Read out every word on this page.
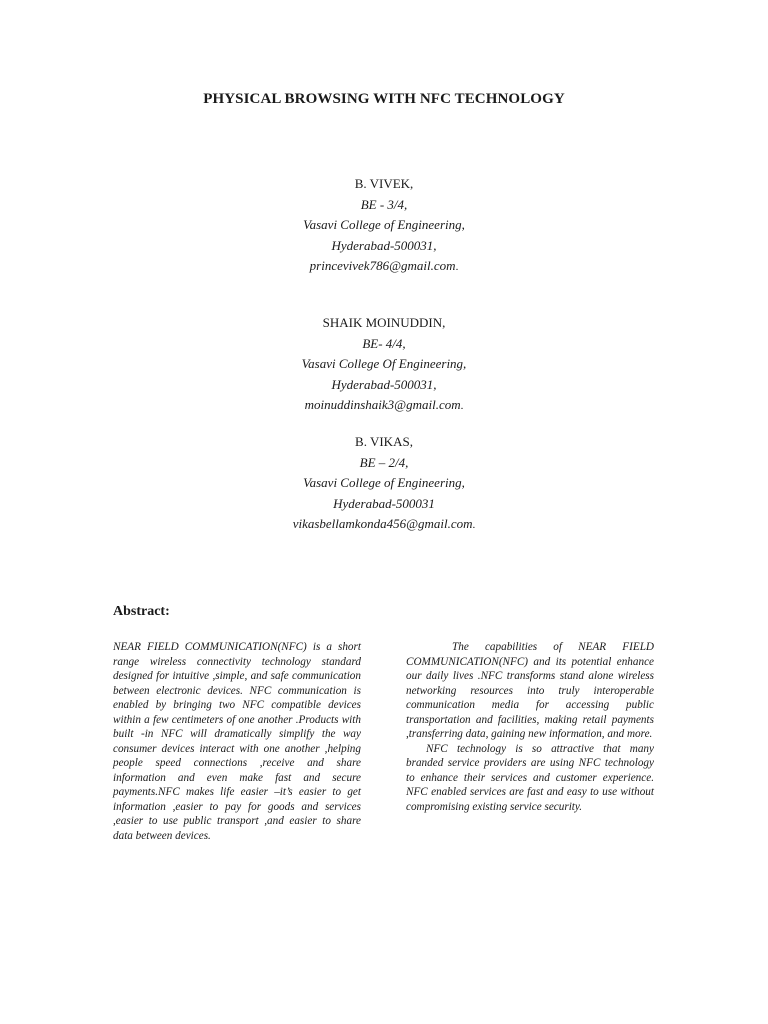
PHYSICAL BROWSING WITH NFC TECHNOLOGY
B. VIVEK,
BE - 3/4,
Vasavi College of Engineering,
Hyderabad-500031,
princevivek786@gmail.com.
SHAIK MOINUDDIN,
BE- 4/4,
Vasavi College Of Engineering,
Hyderabad-500031,
moinuddinshaik3@gmail.com.
B. VIKAS,
BE – 2/4,
Vasavi College of Engineering,
Hyderabad-500031
vikasbellamkonda456@gmail.com.
Abstract:

NEAR FIELD COMMUNICATION(NFC) is a short range wireless connectivity technology standard designed for intuitive ,simple, and safe communication between electronic devices. NFC communication is enabled by bringing two NFC compatible devices within a few centimeters of one another .Products with built -in NFC will dramatically simplify the way consumer devices interact with one another ,helping people speed connections ,receive and share information and even make fast and secure payments.NFC makes life easier –it’s easier to get information ,easier to pay for goods and services ,easier to use public transport ,and easier to share data between devices.

The capabilities of NEAR FIELD COMMUNICATION(NFC) and its potential enhance our daily lives .NFC transforms stand alone wireless networking resources into truly interoperable communication media for accessing public transportation and facilities, making retail payments ,transferring data, gaining new information, and more.

NFC technology is so attractive that many branded service providers are using NFC technology to enhance their services and customer experience. NFC enabled services are fast and easy to use without compromising existing service security.
